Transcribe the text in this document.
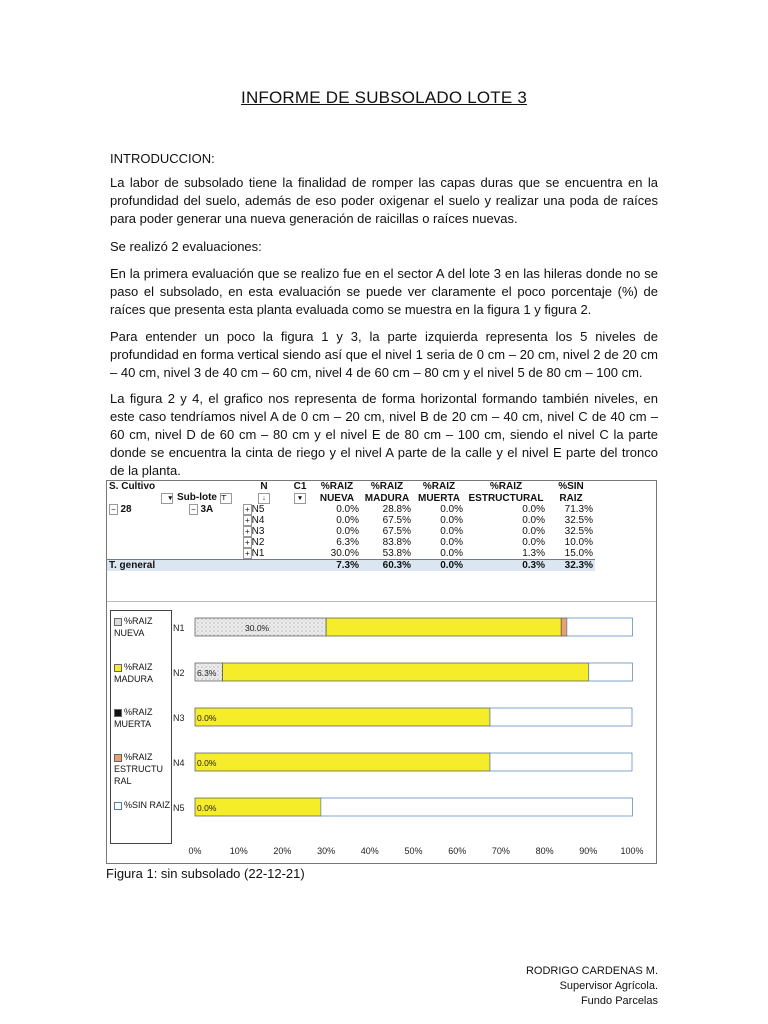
INFORME DE SUBSOLADO LOTE 3
INTRODUCCION:
La labor de subsolado tiene la finalidad de romper las capas duras que se encuentra en la profundidad del suelo, además de eso poder oxigenar el suelo y realizar una poda de raíces para poder generar una nueva generación de raicillas o raíces nuevas.
Se realizó 2 evaluaciones:
En la primera evaluación que se realizo fue en el sector A del lote 3 en las hileras donde no se paso el subsolado, en esta evaluación se puede ver claramente el poco porcentaje (%) de raíces que presenta esta planta evaluada como se muestra en la figura 1 y figura 2.
Para entender un poco la figura 1 y 3, la parte izquierda representa los 5 niveles de profundidad en forma vertical siendo así que el nivel 1 seria de 0 cm – 20 cm, nivel 2 de 20 cm – 40 cm, nivel 3 de 40 cm – 60 cm, nivel 4 de 60 cm – 80 cm y el nivel 5 de 80 cm – 100 cm.
La figura 2 y 4, el grafico nos representa de forma horizontal formando también niveles, en este caso tendríamos nivel A de 0 cm – 20 cm, nivel B de 20 cm – 40 cm, nivel C de 40 cm – 60 cm, nivel D de 60 cm – 80 cm y el nivel E de 80 cm – 100 cm, siendo el nivel C la parte donde se encuentra la cinta de riego y el nivel A parte de la calle y el nivel E parte del tronco de la planta.
S. Cultivo		N	C1	%RAIZ	%RAIZ	%RAIZ	%RAIZ	%SIN
▾	Sub-lote ⊤	↓	▾	NUEVA	MADURA	MUERTA	ESTRUCTURAL	RAIZ
− 28	− 3A	+ N5		0.0%	28.8%	0.0%	0.0%	71.3%
		+ N4		0.0%	67.5%	0.0%	0.0%	32.5%
		+ N3		0.0%	67.5%	0.0%	0.0%	32.5%
		+ N2		6.3%	83.8%	0.0%	0.0%	10.0%
		+ N1		30.0%	53.8%	0.0%	1.3%	15.0%
T. general				7.3%	60.3%	0.0%	0.3%	32.3%
%RAIZ
NUEVA
%RAIZ
MADURA
%RAIZ
MUERTA
%RAIZ
ESTRUCTU
RAL
%SIN RAIZ
N1	30.0%
N2 6.3%
N3 0.0%
N4 0.0%
N5 0.0%
0%	10%	20%	30%	40%	50%	60%	70%	80%	90%	100%
Figura 1: sin subsolado (22-12-21)
RODRIGO CARDENAS M.
Supervisor Agrícola.
Fundo Parcelas
